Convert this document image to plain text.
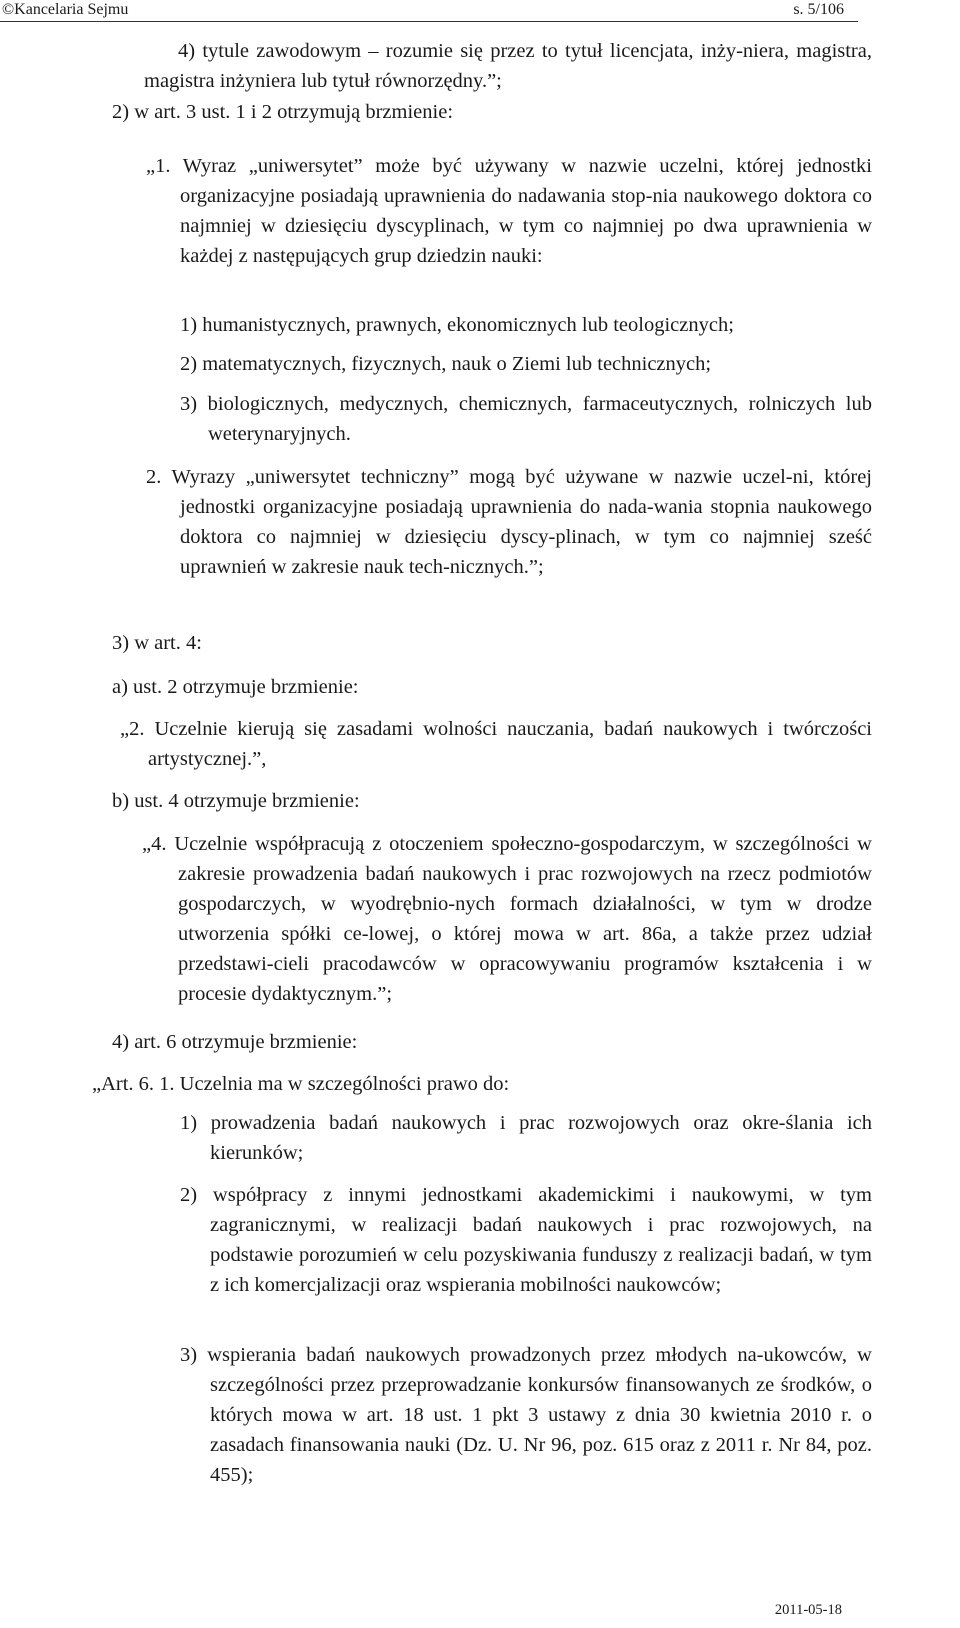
©Kancelaria Sejmu	s. 5/106

4) tytule zawodowym – rozumie się przez to tytuł licencjata, inży-niera, magistra, magistra inżyniera lub tytuł równorzędny.”;

2) w art. 3 ust. 1 i 2 otrzymują brzmienie:

„1. Wyraz „uniwersytet” może być używany w nazwie uczelni, której jednostki organizacyjne posiadają uprawnienia do nadawania stop-nia naukowego doktora co najmniej w dziesięciu dyscyplinach, w tym co najmniej po dwa uprawnienia w każdej z następujących grup dziedzin nauki:

1) humanistycznych, prawnych, ekonomicznych lub teologicznych;

2) matematycznych, fizycznych, nauk o Ziemi lub technicznych;

3) biologicznych, medycznych, chemicznych, farmaceutycznych, rolniczych lub weterynaryjnych.

2. Wyrazy „uniwersytet techniczny” mogą być używane w nazwie uczel-ni, której jednostki organizacyjne posiadają uprawnienia do nada-wania stopnia naukowego doktora co najmniej w dziesięciu dyscy-plinach, w tym co najmniej sześć uprawnień w zakresie nauk tech-nicznych.”;

3) w art. 4:

a) ust. 2 otrzymuje brzmienie:

„2. Uczelnie kierują się zasadami wolności nauczania, badań naukowych i twórczości artystycznej.”,

b) ust. 4 otrzymuje brzmienie:

„4. Uczelnie współpracują z otoczeniem społeczno-gospodarczym, w szczególności w zakresie prowadzenia badań naukowych i prac rozwojowych na rzecz podmiotów gospodarczych, w wyodrębnio-nych formach działalności, w tym w drodze utworzenia spółki ce-lowej, o której mowa w art. 86a, a także przez udział przedstawi-cieli pracodawców w opracowywaniu programów kształcenia i w procesie dydaktycznym.”;

4) art. 6 otrzymuje brzmienie:

„Art. 6. 1. Uczelnia ma w szczególności prawo do:

1) prowadzenia badań naukowych i prac rozwojowych oraz okre-ślania ich kierunków;

2) współpracy z innymi jednostkami akademickimi i naukowymi, w tym zagranicznymi, w realizacji badań naukowych i prac rozwojowych, na podstawie porozumień w celu pozyskiwania funduszy z realizacji badań, w tym z ich komercjalizacji oraz wspierania mobilności naukowców;

3) wspierania badań naukowych prowadzonych przez młodych na-ukowców, w szczególności przez przeprowadzanie konkursów finansowanych ze środków, o których mowa w art. 18 ust. 1 pkt 3 ustawy z dnia 30 kwietnia 2010 r. o zasadach finansowania nauki (Dz. U. Nr 96, poz. 615 oraz z 2011 r. Nr 84, poz. 455);

2011-05-18
